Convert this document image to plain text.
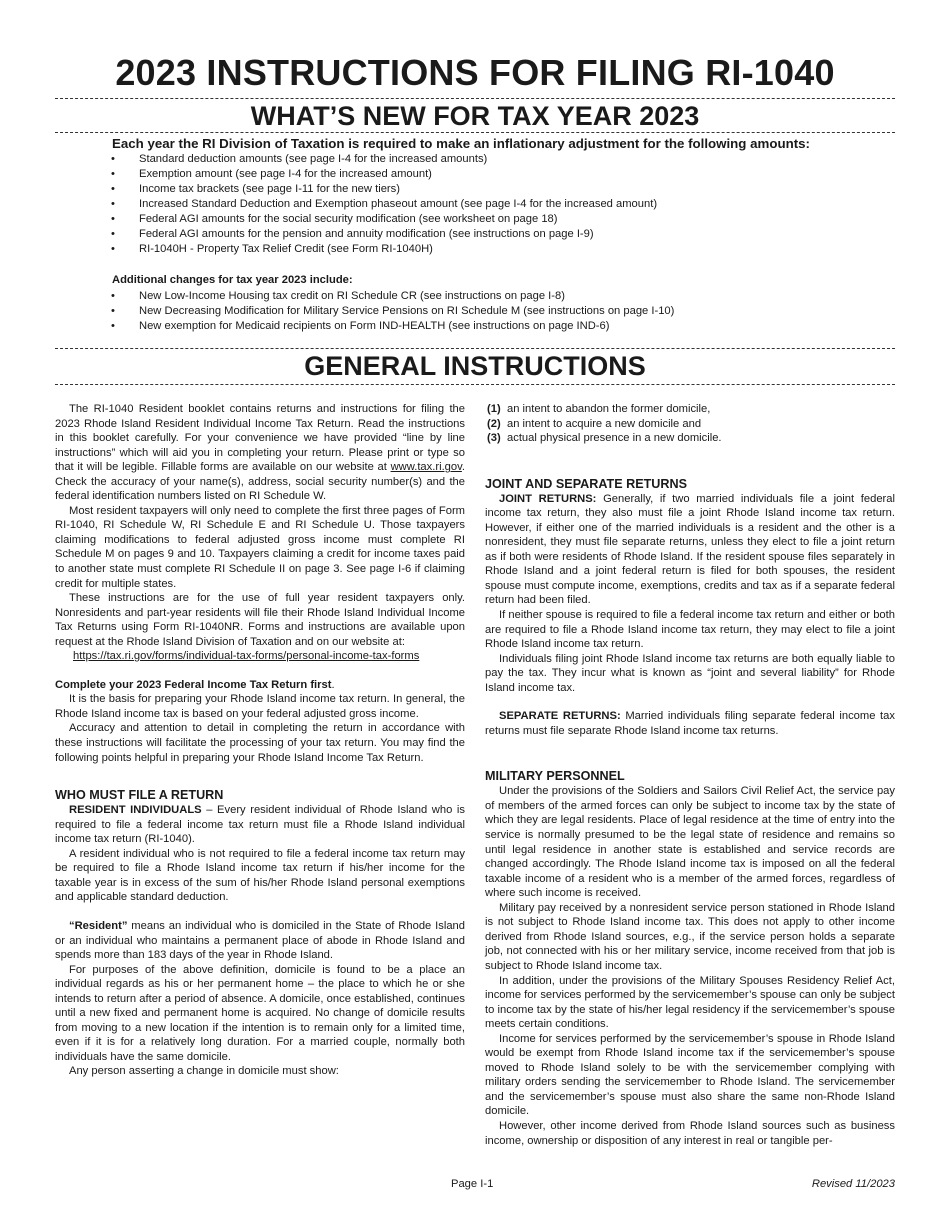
2023 INSTRUCTIONS FOR FILING RI-1040
WHAT’S NEW FOR TAX YEAR 2023
Each year the RI Division of Taxation is required to make an inflationary adjustment for the following amounts:
• Standard deduction amounts (see page I-4 for the increased amounts)
• Exemption amount (see page I-4 for the increased amount)
• Income tax brackets (see page I-11 for the new tiers)
• Increased Standard Deduction and Exemption phaseout amount (see page I-4 for the increased amount)
• Federal AGI amounts for the social security modification (see worksheet on page 18)
• Federal AGI amounts for the pension and annuity modification (see instructions on page I-9)
• RI-1040H - Property Tax Relief Credit (see Form RI-1040H)
Additional changes for tax year 2023 include:
• New Low-Income Housing tax credit on RI Schedule CR (see instructions on page I-8)
• New Decreasing Modification for Military Service Pensions on RI Schedule M (see instructions on page I-10)
• New exemption for Medicaid recipients on Form IND-HEALTH (see instructions on page IND-6)
GENERAL INSTRUCTIONS

The RI-1040 Resident booklet contains returns and instructions for filing the 2023 Rhode Island Resident Individual Income Tax Return. Read the instructions in this booklet carefully. For your convenience we have provided “line by line instructions” which will aid you in completing your return. Please print or type so that it will be legible. Fillable forms are available on our website at www.tax.ri.gov. Check the accuracy of your name(s), address, social security number(s) and the federal identification numbers listed on RI Schedule W.

Most resident taxpayers will only need to complete the first three pages of Form RI-1040, RI Schedule W, RI Schedule E and RI Schedule U. Those taxpayers claiming modifications to federal adjusted gross income must complete RI Schedule M on pages 9 and 10. Taxpayers claiming a credit for income taxes paid to another state must complete RI Schedule II on page 3. See page I-6 if claiming credit for multiple states.

These instructions are for the use of full year resident taxpayers only. Nonresidents and part-year residents will file their Rhode Island Individual Income Tax Returns using Form RI-1040NR. Forms and instructions are available upon request at the Rhode Island Division of Taxation and on our website at:

https://tax.ri.gov/forms/individual-tax-forms/personal-income-tax-forms

Complete your 2023 Federal Income Tax Return first.

It is the basis for preparing your Rhode Island income tax return. In general, the Rhode Island income tax is based on your federal adjusted gross income.

Accuracy and attention to detail in completing the return in accordance with these instructions will facilitate the processing of your tax return. You may find the following points helpful in preparing your Rhode Island Income Tax Return.

WHO MUST FILE A RETURN

RESIDENT INDIVIDUALS – Every resident individual of Rhode Island who is required to file a federal income tax return must file a Rhode Island individual income tax return (RI-1040).

A resident individual who is not required to file a federal income tax return may be required to file a Rhode Island income tax return if his/her income for the taxable year is in excess of the sum of his/her Rhode Island personal exemptions and applicable standard deduction.

“Resident” means an individual who is domiciled in the State of Rhode Island or an individual who maintains a permanent place of abode in Rhode Island and spends more than 183 days of the year in Rhode Island.

For purposes of the above definition, domicile is found to be a place an individual regards as his or her permanent home – the place to which he or she intends to return after a period of absence. A domicile, once established, continues until a new fixed and permanent home is acquired. No change of domicile results from moving to a new location if the intention is to remain only for a limited time, even if it is for a relatively long duration. For a married couple, normally both individuals have the same domicile.

Any person asserting a change in domicile must show:

(1) an intent to abandon the former domicile,
(2) an intent to acquire a new domicile and
(3) actual physical presence in a new domicile.

JOINT AND SEPARATE RETURNS

JOINT RETURNS: Generally, if two married individuals file a joint federal income tax return, they also must file a joint Rhode Island income tax return. However, if either one of the married individuals is a resident and the other is a nonresident, they must file separate returns, unless they elect to file a joint return as if both were residents of Rhode Island. If the resident spouse files separately in Rhode Island and a joint federal return is filed for both spouses, the resident spouse must compute income, exemptions, credits and tax as if a separate federal return had been filed.

If neither spouse is required to file a federal income tax return and either or both are required to file a Rhode Island income tax return, they may elect to file a joint Rhode Island income tax return.

Individuals filing joint Rhode Island income tax returns are both equally liable to pay the tax. They incur what is known as “joint and several liability” for Rhode Island income tax.

SEPARATE RETURNS: Married individuals filing separate federal income tax returns must file separate Rhode Island income tax returns.

MILITARY PERSONNEL

Under the provisions of the Soldiers and Sailors Civil Relief Act, the service pay of members of the armed forces can only be subject to income tax by the state of which they are legal residents. Place of legal residence at the time of entry into the service is normally presumed to be the legal state of residence and remains so until legal residence in another state is established and service records are changed accordingly. The Rhode Island income tax is imposed on all the federal taxable income of a resident who is a member of the armed forces, regardless of where such income is received.

Military pay received by a nonresident service person stationed in Rhode Island is not subject to Rhode Island income tax. This does not apply to other income derived from Rhode Island sources, e.g., if the service person holds a separate job, not connected with his or her military service, income received from that job is subject to Rhode Island income tax.

In addition, under the provisions of the Military Spouses Residency Relief Act, income for services performed by the servicemember’s spouse can only be subject to income tax by the state of his/her legal residency if the servicemember’s spouse meets certain conditions.

Income for services performed by the servicemember’s spouse in Rhode Island would be exempt from Rhode Island income tax if the servicemember’s spouse moved to Rhode Island solely to be with the servicemember complying with military orders sending the servicemember to Rhode Island. The servicemember and the servicemember’s spouse must also share the same non-Rhode Island domicile.

However, other income derived from Rhode Island sources such as business income, ownership or disposition of any interest in real or tangible per-

Page I-1	Revised 11/2023
